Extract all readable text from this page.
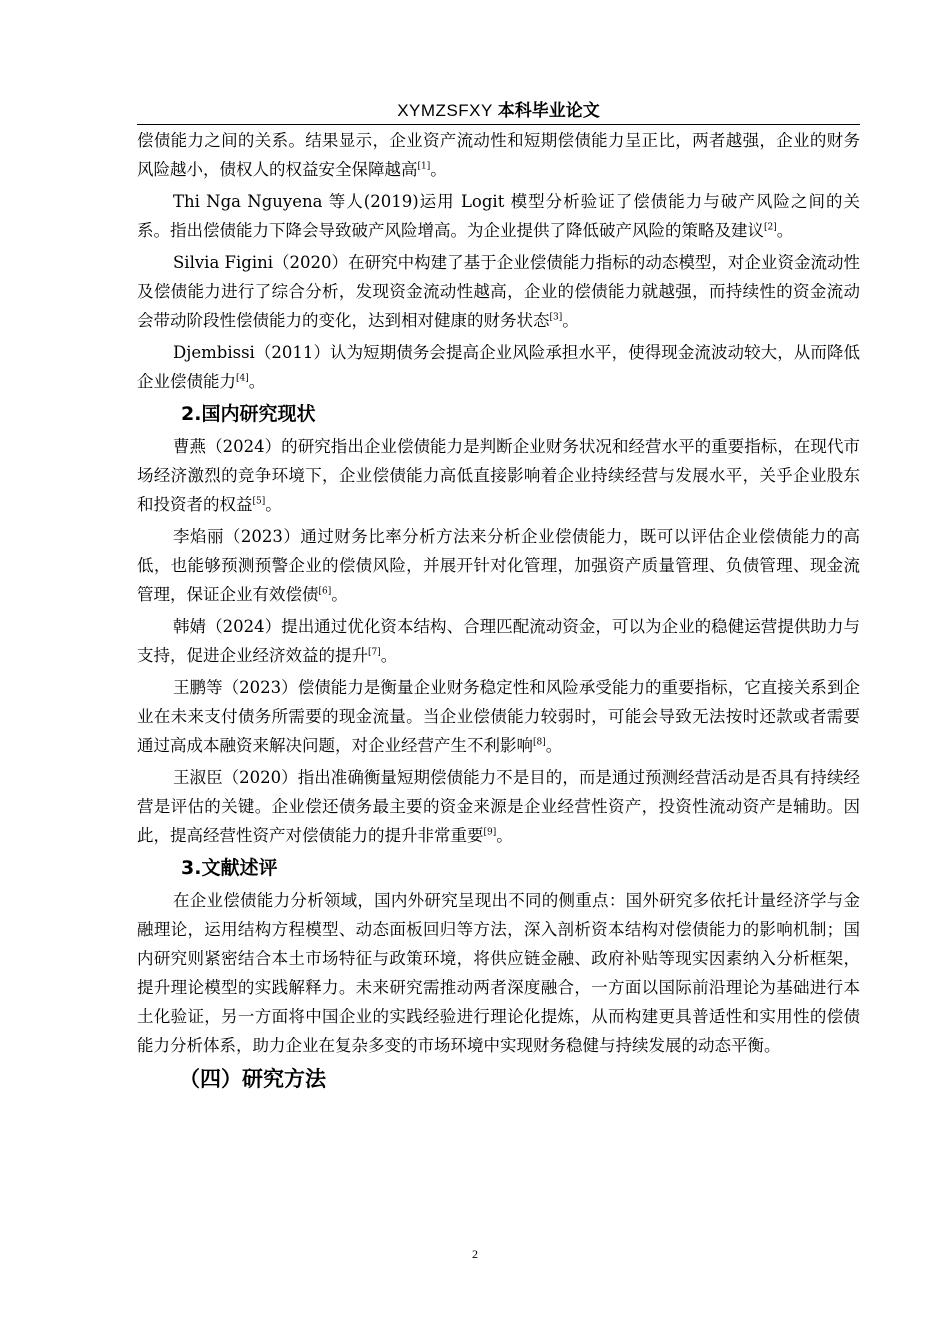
XYMZSFXY 本科毕业论文

偿债能力之间的关系。结果显示，企业资产流动性和短期偿债能力呈正比，两者越强，企业的财务风险越小，债权人的权益安全保障越高[1]。

Thi Nga Nguyena 等人(2019)运用 Logit 模型分析验证了偿债能力与破产风险之间的关系。指出偿债能力下降会导致破产风险增高。为企业提供了降低破产风险的策略及建议[2]。

Silvia Figini（2020）在研究中构建了基于企业偿债能力指标的动态模型，对企业资金流动性及偿债能力进行了综合分析，发现资金流动性越高，企业的偿债能力就越强，而持续性的资金流动会带动阶段性偿债能力的变化，达到相对健康的财务状态[3]。

Djembissi（2011）认为短期债务会提高企业风险承担水平，使得现金流波动较大，从而降低企业偿债能力[4]。

2.国内研究现状

曹燕（2024）的研究指出企业偿债能力是判断企业财务状况和经营水平的重要指标，在现代市场经济激烈的竞争环境下，企业偿债能力高低直接影响着企业持续经营与发展水平，关乎企业股东和投资者的权益[5]。

李焰丽（2023）通过财务比率分析方法来分析企业偿债能力，既可以评估企业偿债能力的高低，也能够预测预警企业的偿债风险，并展开针对化管理，加强资产质量管理、负债管理、现金流管理，保证企业有效偿债[6]。

韩婧（2024）提出通过优化资本结构、合理匹配流动资金，可以为企业的稳健运营提供助力与支持，促进企业经济效益的提升[7]。

王鹏等（2023）偿债能力是衡量企业财务稳定性和风险承受能力的重要指标，它直接关系到企业在未来支付债务所需要的现金流量。当企业偿债能力较弱时，可能会导致无法按时还款或者需要通过高成本融资来解决问题，对企业经营产生不利影响[8]。

王淑臣（2020）指出准确衡量短期偿债能力不是目的，而是通过预测经营活动是否具有持续经营是评估的关键。企业偿还债务最主要的资金来源是企业经营性资产，投资性流动资产是辅助。因此，提高经营性资产对偿债能力的提升非常重要[9]。

3.文献述评

在企业偿债能力分析领域，国内外研究呈现出不同的侧重点：国外研究多依托计量经济学与金融理论，运用结构方程模型、动态面板回归等方法，深入剖析资本结构对偿债能力的影响机制；国内研究则紧密结合本土市场特征与政策环境，将供应链金融、政府补贴等现实因素纳入分析框架，提升理论模型的实践解释力。未来研究需推动两者深度融合，一方面以国际前沿理论为基础进行本土化验证，另一方面将中国企业的实践经验进行理论化提炼，从而构建更具普适性和实用性的偿债能力分析体系，助力企业在复杂多变的市场环境中实现财务稳健与持续发展的动态平衡。

（四）研究方法
2
